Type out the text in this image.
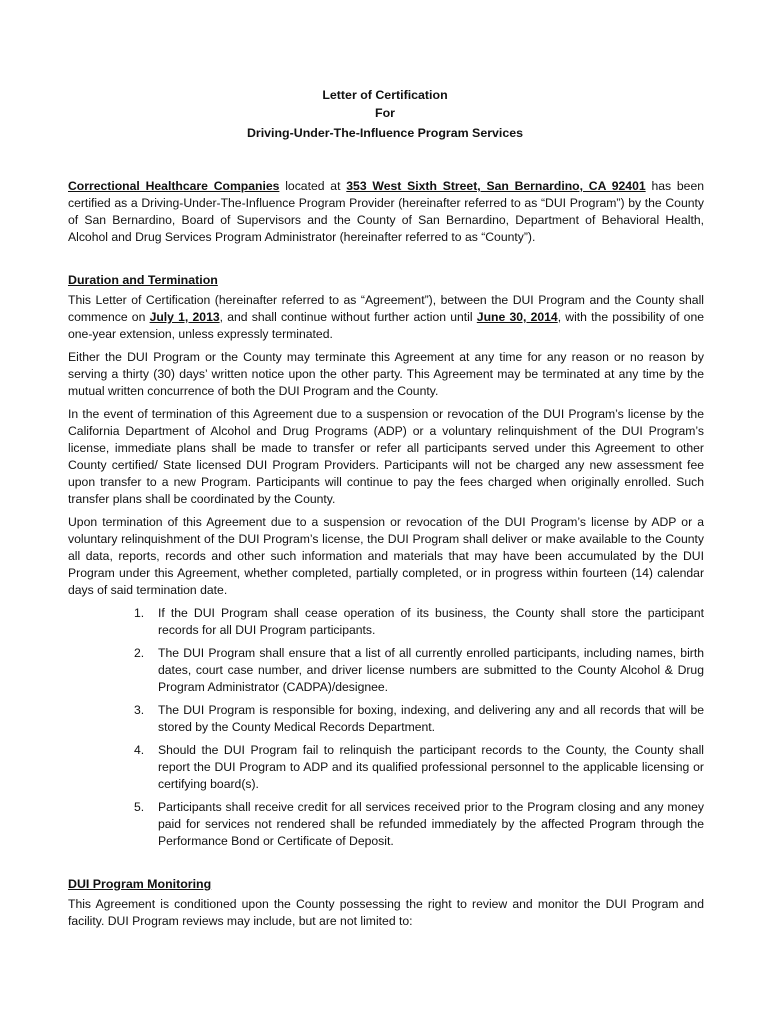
Letter of Certification
For
Driving-Under-The-Influence Program Services

Correctional Healthcare Companies located at 353 West Sixth Street, San Bernardino, CA 92401 has been certified as a Driving-Under-The-Influence Program Provider (hereinafter referred to as “DUI Program”) by the County of San Bernardino, Board of Supervisors and the County of San Bernardino, Department of Behavioral Health, Alcohol and Drug Services Program Administrator (hereinafter referred to as “County”).

Duration and Termination

This Letter of Certification (hereinafter referred to as “Agreement”), between the DUI Program and the County shall commence on July 1, 2013, and shall continue without further action until June 30, 2014, with the possibility of one one-year extension, unless expressly terminated.

Either the DUI Program or the County may terminate this Agreement at any time for any reason or no reason by serving a thirty (30) days’ written notice upon the other party. This Agreement may be terminated at any time by the mutual written concurrence of both the DUI Program and the County.

In the event of termination of this Agreement due to a suspension or revocation of the DUI Program’s license by the California Department of Alcohol and Drug Programs (ADP) or a voluntary relinquishment of the DUI Program’s license, immediate plans shall be made to transfer or refer all participants served under this Agreement to other County certified/ State licensed DUI Program Providers. Participants will not be charged any new assessment fee upon transfer to a new Program. Participants will continue to pay the fees charged when originally enrolled. Such transfer plans shall be coordinated by the County.

Upon termination of this Agreement due to a suspension or revocation of the DUI Program’s license by ADP or a voluntary relinquishment of the DUI Program’s license, the DUI Program shall deliver or make available to the County all data, reports, records and other such information and materials that may have been accumulated by the DUI Program under this Agreement, whether completed, partially completed, or in progress within fourteen (14) calendar days of said termination date.

1. If the DUI Program shall cease operation of its business, the County shall store the participant records for all DUI Program participants.
2. The DUI Program shall ensure that a list of all currently enrolled participants, including names, birth dates, court case number, and driver license numbers are submitted to the County Alcohol & Drug Program Administrator (CADPA)/designee.
3. The DUI Program is responsible for boxing, indexing, and delivering any and all records that will be stored by the County Medical Records Department.
4. Should the DUI Program fail to relinquish the participant records to the County, the County shall report the DUI Program to ADP and its qualified professional personnel to the applicable licensing or certifying board(s).
5. Participants shall receive credit for all services received prior to the Program closing and any money paid for services not rendered shall be refunded immediately by the affected Program through the Performance Bond or Certificate of Deposit.
DUI Program Monitoring

This Agreement is conditioned upon the County possessing the right to review and monitor the DUI Program and facility. DUI Program reviews may include, but are not limited to:
